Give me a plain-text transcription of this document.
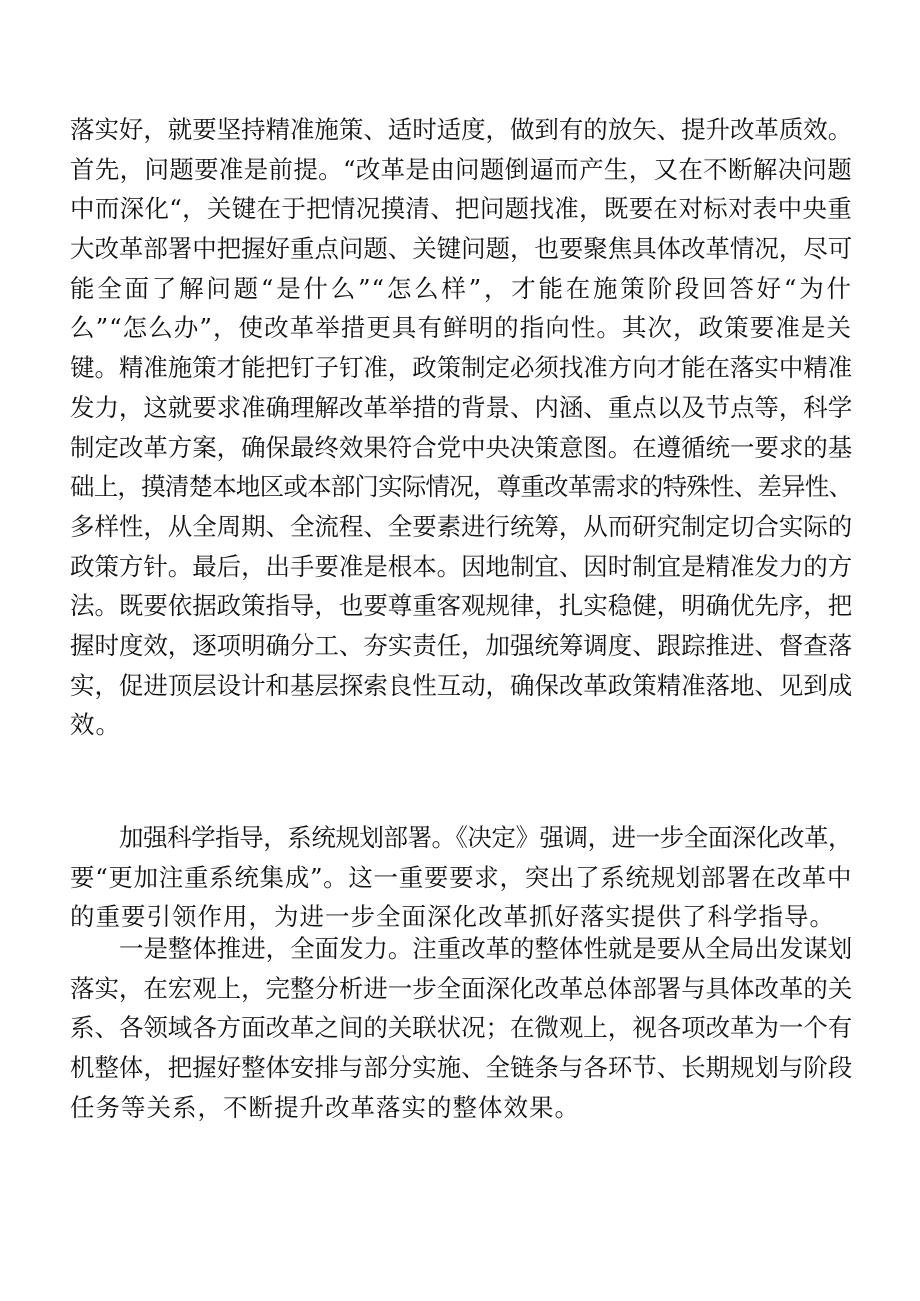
落实好，就要坚持精准施策、适时适度，做到有的放矢、提升改革质效。
首先，问题要准是前提。“改革是由问题倒逼而产生，又在不断解决问题
中而深化“，关键在于把情况摸清、把问题找准，既要在对标对表中央重
大改革部署中把握好重点问题、关键问题，也要聚焦具体改革情况，尽可
能全面了解问题“是什么”“怎么样”，才能在施策阶段回答好“为什
么”“怎么办”，使改革举措更具有鲜明的指向性。其次，政策要准是关
键。精准施策才能把钉子钉准，政策制定必须找准方向才能在落实中精准
发力，这就要求准确理解改革举措的背景、内涵、重点以及节点等，科学
制定改革方案，确保最终效果符合党中央决策意图。在遵循统一要求的基
础上，摸清楚本地区或本部门实际情况，尊重改革需求的特殊性、差异性、
多样性，从全周期、全流程、全要素进行统筹，从而研究制定切合实际的
政策方针。最后，出手要准是根本。因地制宜、因时制宜是精准发力的方
法。既要依据政策指导，也要尊重客观规律，扎实稳健，明确优先序，把
握时度效，逐项明确分工、夯实责任，加强统筹调度、跟踪推进、督查落
实，促进顶层设计和基层探索良性互动，确保改革政策精准落地、见到成
效。
加强科学指导，系统规划部署。《决定》强调，进一步全面深化改革，
要“更加注重系统集成”。这一重要要求，突出了系统规划部署在改革中
的重要引领作用，为进一步全面深化改革抓好落实提供了科学指导。
一是整体推进，全面发力。注重改革的整体性就是要从全局出发谋划
落实，在宏观上，完整分析进一步全面深化改革总体部署与具体改革的关
系、各领域各方面改革之间的关联状况；在微观上，视各项改革为一个有
机整体，把握好整体安排与部分实施、全链条与各环节、长期规划与阶段
任务等关系，不断提升改革落实的整体效果。
